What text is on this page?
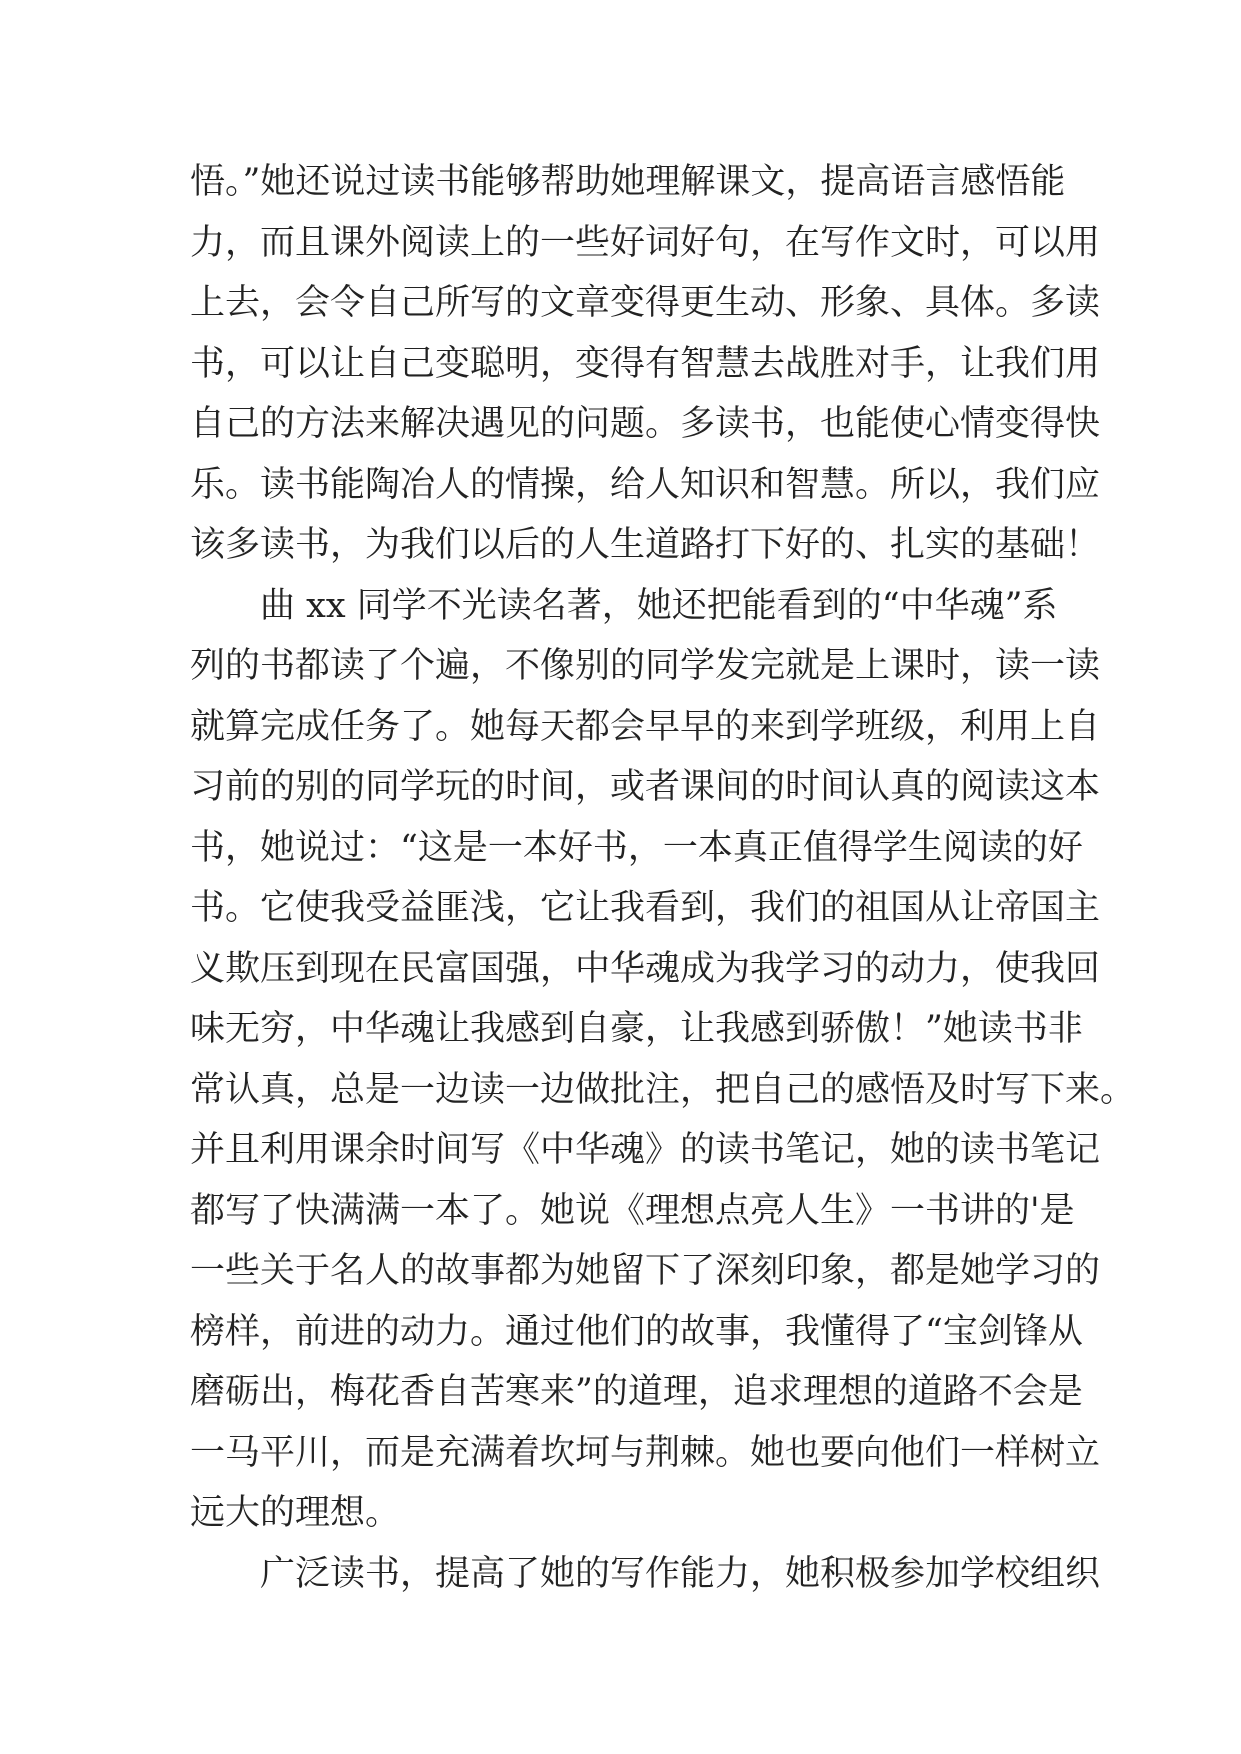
悟。”她还说过读书能够帮助她理解课文，提高语言感悟能
力，而且课外阅读上的一些好词好句，在写作文时，可以用
上去，会令自己所写的文章变得更生动、形象、具体。多读
书，可以让自己变聪明，变得有智慧去战胜对手，让我们用
自己的方法来解决遇见的问题。多读书，也能使心情变得快
乐。读书能陶冶人的情操，给人知识和智慧。所以，我们应
该多读书，为我们以后的人生道路打下好的、扎实的基础！
曲 xx 同学不光读名著，她还把能看到的“中华魂”系
列的书都读了个遍，不像别的同学发完就是上课时，读一读
就算完成任务了。她每天都会早早的来到学班级，利用上自
习前的别的同学玩的时间，或者课间的时间认真的阅读这本
书，她说过：“这是一本好书，一本真正值得学生阅读的好
书。它使我受益匪浅，它让我看到，我们的祖国从让帝国主
义欺压到现在民富国强，中华魂成为我学习的动力，使我回
味无穷，中华魂让我感到自豪，让我感到骄傲！”她读书非
常认真，总是一边读一边做批注，把自己的感悟及时写下来。
并且利用课余时间写《中华魂》的读书笔记，她的读书笔记
都写了快满满一本了。她说《理想点亮人生》一书讲的'是
一些关于名人的故事都为她留下了深刻印象，都是她学习的
榜样，前进的动力。通过他们的故事，我懂得了“宝剑锋从
磨砺出，梅花香自苦寒来”的道理，追求理想的道路不会是
一马平川，而是充满着坎坷与荆棘。她也要向他们一样树立
远大的理想。
广泛读书，提高了她的写作能力，她积极参加学校组织
